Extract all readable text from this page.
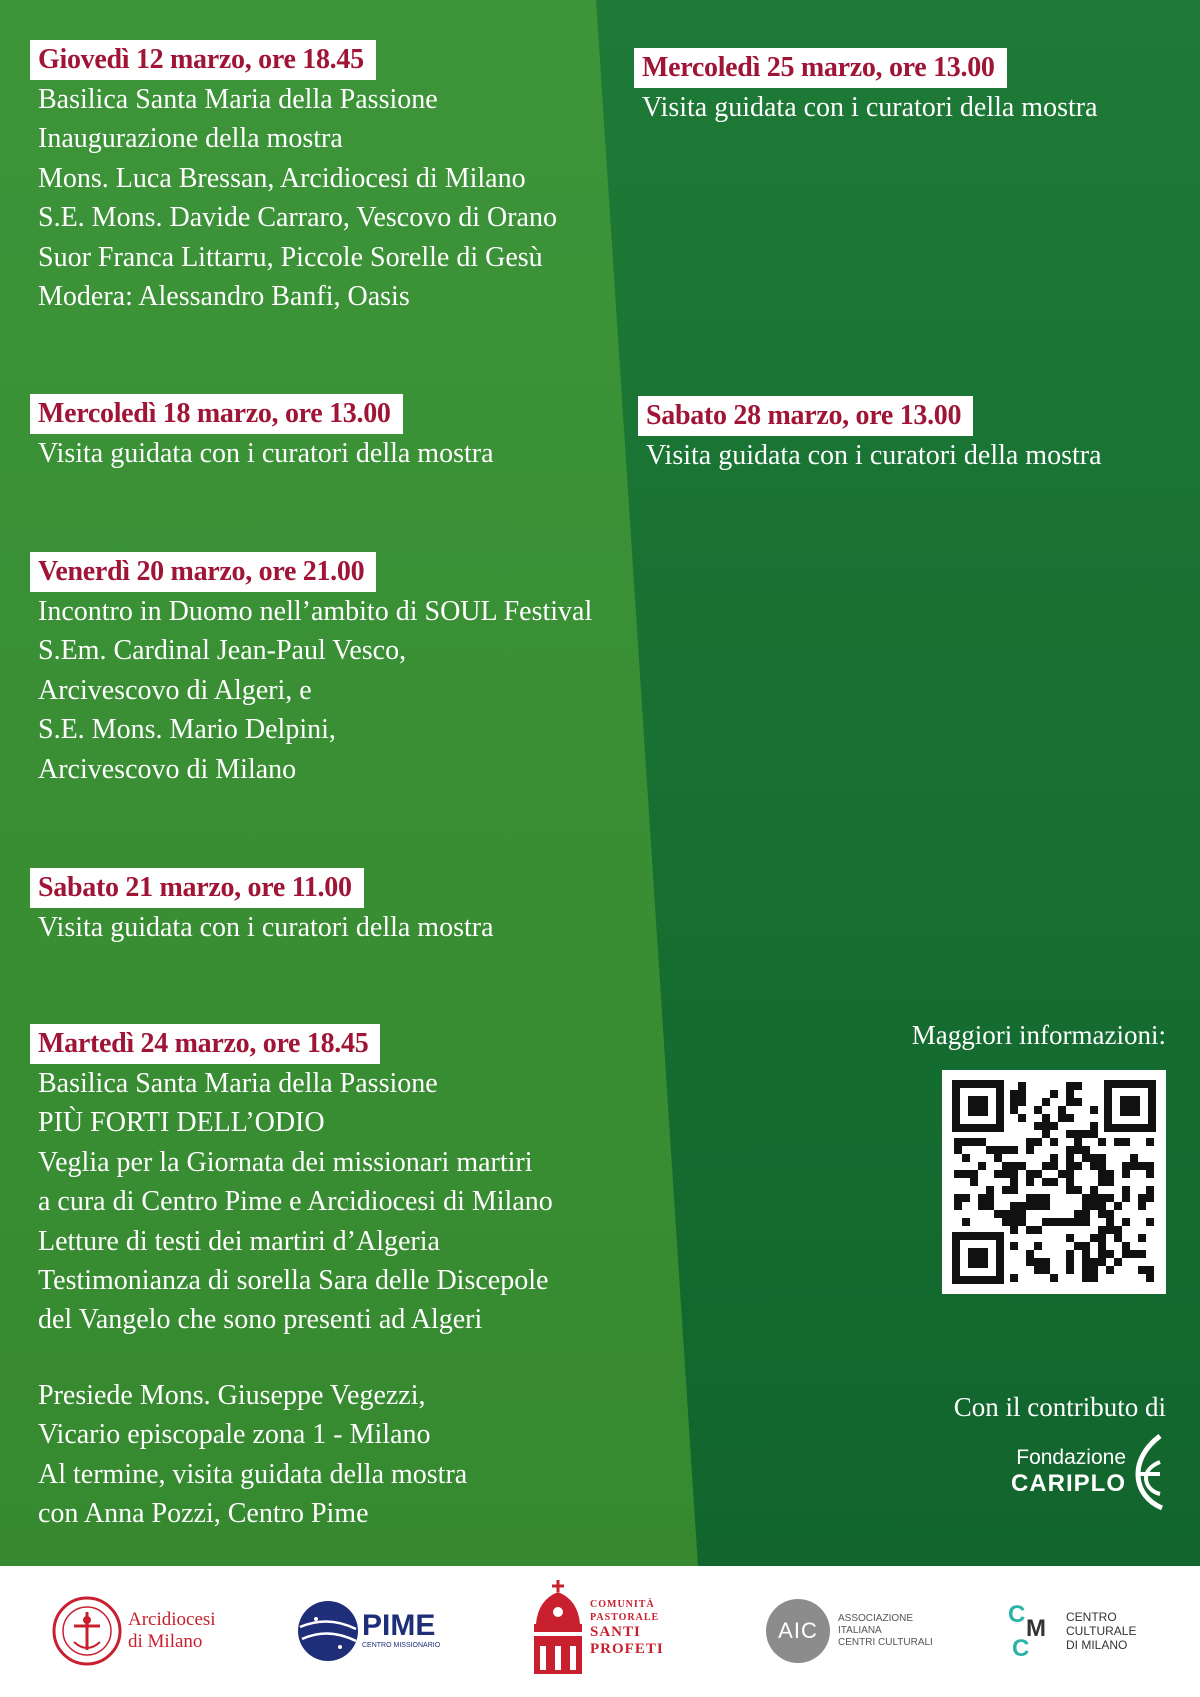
Giovedì 12 marzo, ore 18.45
Basilica Santa Maria della Passione
Inaugurazione della mostra
Mons. Luca Bressan, Arcidiocesi di Milano
S.E. Mons. Davide Carraro, Vescovo di Orano
Suor Franca Littarru, Piccole Sorelle di Gesù
Modera: Alessandro Banfi, Oasis
Mercoledì 18 marzo, ore 13.00
Visita guidata con i curatori della mostra
Venerdì 20 marzo, ore 21.00
Incontro in Duomo nell’ambito di SOUL Festival
S.Em. Cardinal Jean-Paul Vesco,
Arcivescovo di Algeri, e
S.E. Mons. Mario Delpini,
Arcivescovo di Milano
Sabato 21 marzo, ore 11.00
Visita guidata con i curatori della mostra
Martedì 24 marzo, ore 18.45
Basilica Santa Maria della Passione
PIÙ FORTI DELL’ODIO
Veglia per la Giornata dei missionari martiri
a cura di Centro Pime e Arcidiocesi di Milano
Letture di testi dei martiri d’Algeria
Testimonianza di sorella Sara delle Discepole
del Vangelo che sono presenti ad Algeri
Presiede Mons. Giuseppe Vegezzi,
Vicario episcopale zona 1 - Milano
Al termine, visita guidata della mostra
con Anna Pozzi, Centro Pime
Mercoledì 25 marzo, ore 13.00
Visita guidata con i curatori della mostra
Sabato 28 marzo, ore 13.00
Visita guidata con i curatori della mostra
Maggiori informazioni:
Con il contributo di
Fondazione
CARIPLO
Arcidiocesi
di Milano	PIME
CENTRO MISSIONARIO
COMUNITÀ
PASTORALE
SANTI
PROFETI
AIC	ASSOCIAZIONE
ITALIANA
CENTRI CULTURALI
C
M
C
CENTRO
CULTURALE
DI MILANO
